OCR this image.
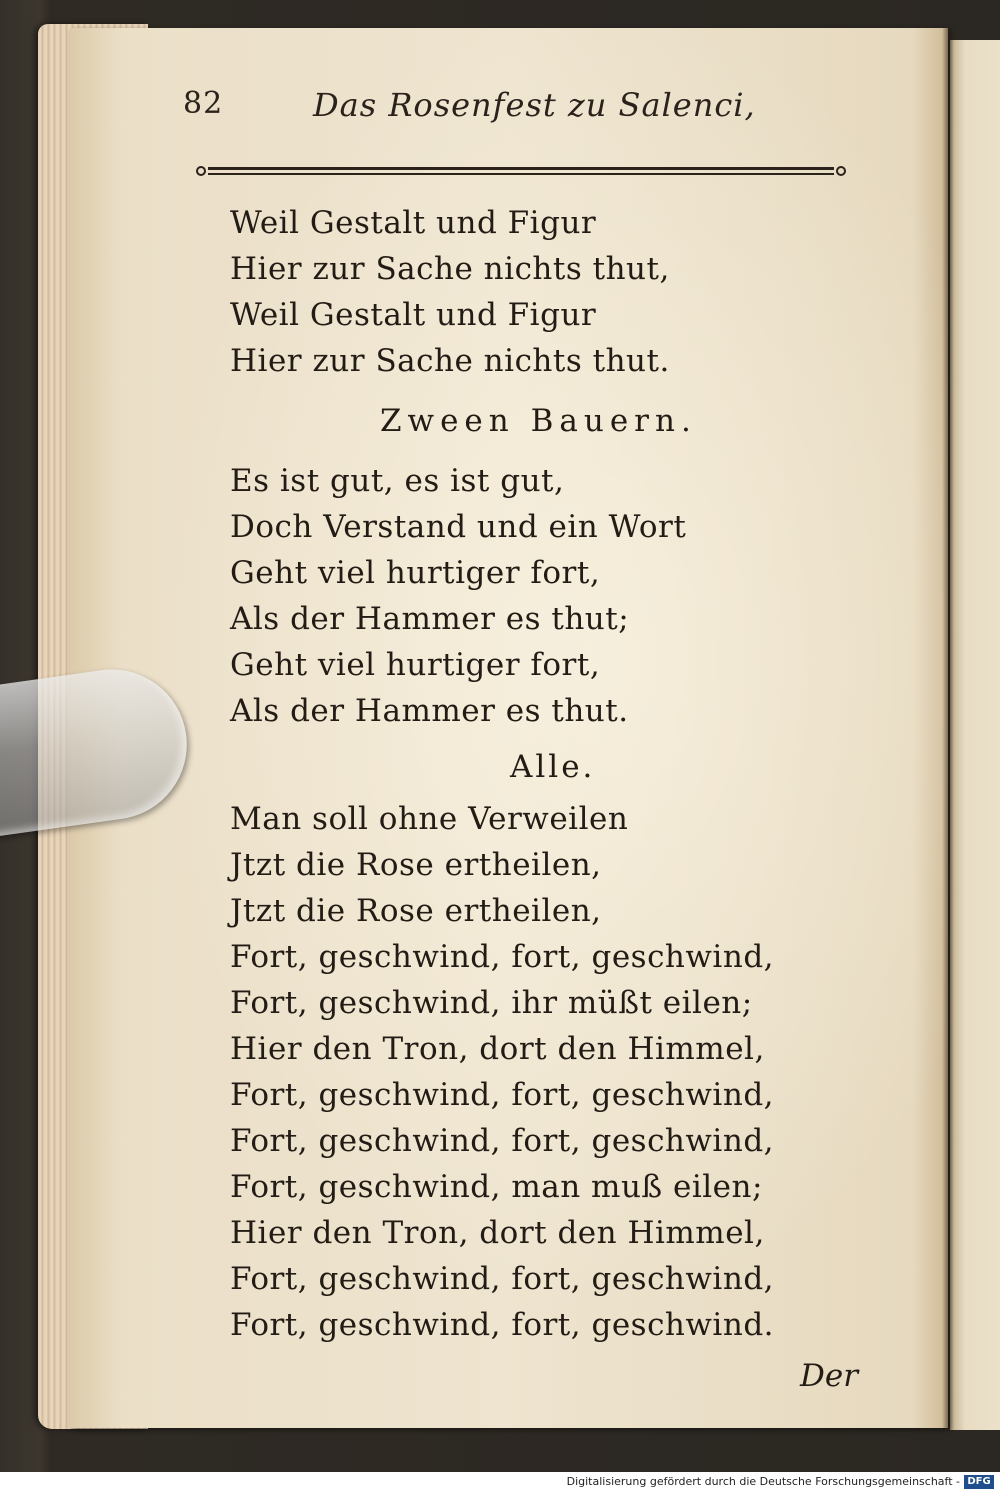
82	Das Rosenfest zu Salenci,
Weil Gestalt und Figur
Hier zur Sache nichts thut,
Weil Gestalt und Figur
Hier zur Sache nichts thut.
Zween Bauern.
Es ist gut, es ist gut,
Doch Verstand und ein Wort
Geht viel hurtiger fort,
Als der Hammer es thut;
Geht viel hurtiger fort,
Als der Hammer es thut.
Alle.
Man soll ohne Verweilen
Jtzt die Rose ertheilen,
Jtzt die Rose ertheilen,
Fort, geschwind, fort, geschwind,
Fort, geschwind, ihr müßt eilen;
Hier den Tron, dort den Himmel,
Fort, geschwind, fort, geschwind,
Fort, geschwind, fort, geschwind,
Fort, geschwind, man muß eilen;
Hier den Tron, dort den Himmel,
Fort, geschwind, fort, geschwind,
Fort, geschwind, fort, geschwind.
Der
Digitalisierung gefördert durch die Deutsche Forschungsgemeinschaft - DFG
